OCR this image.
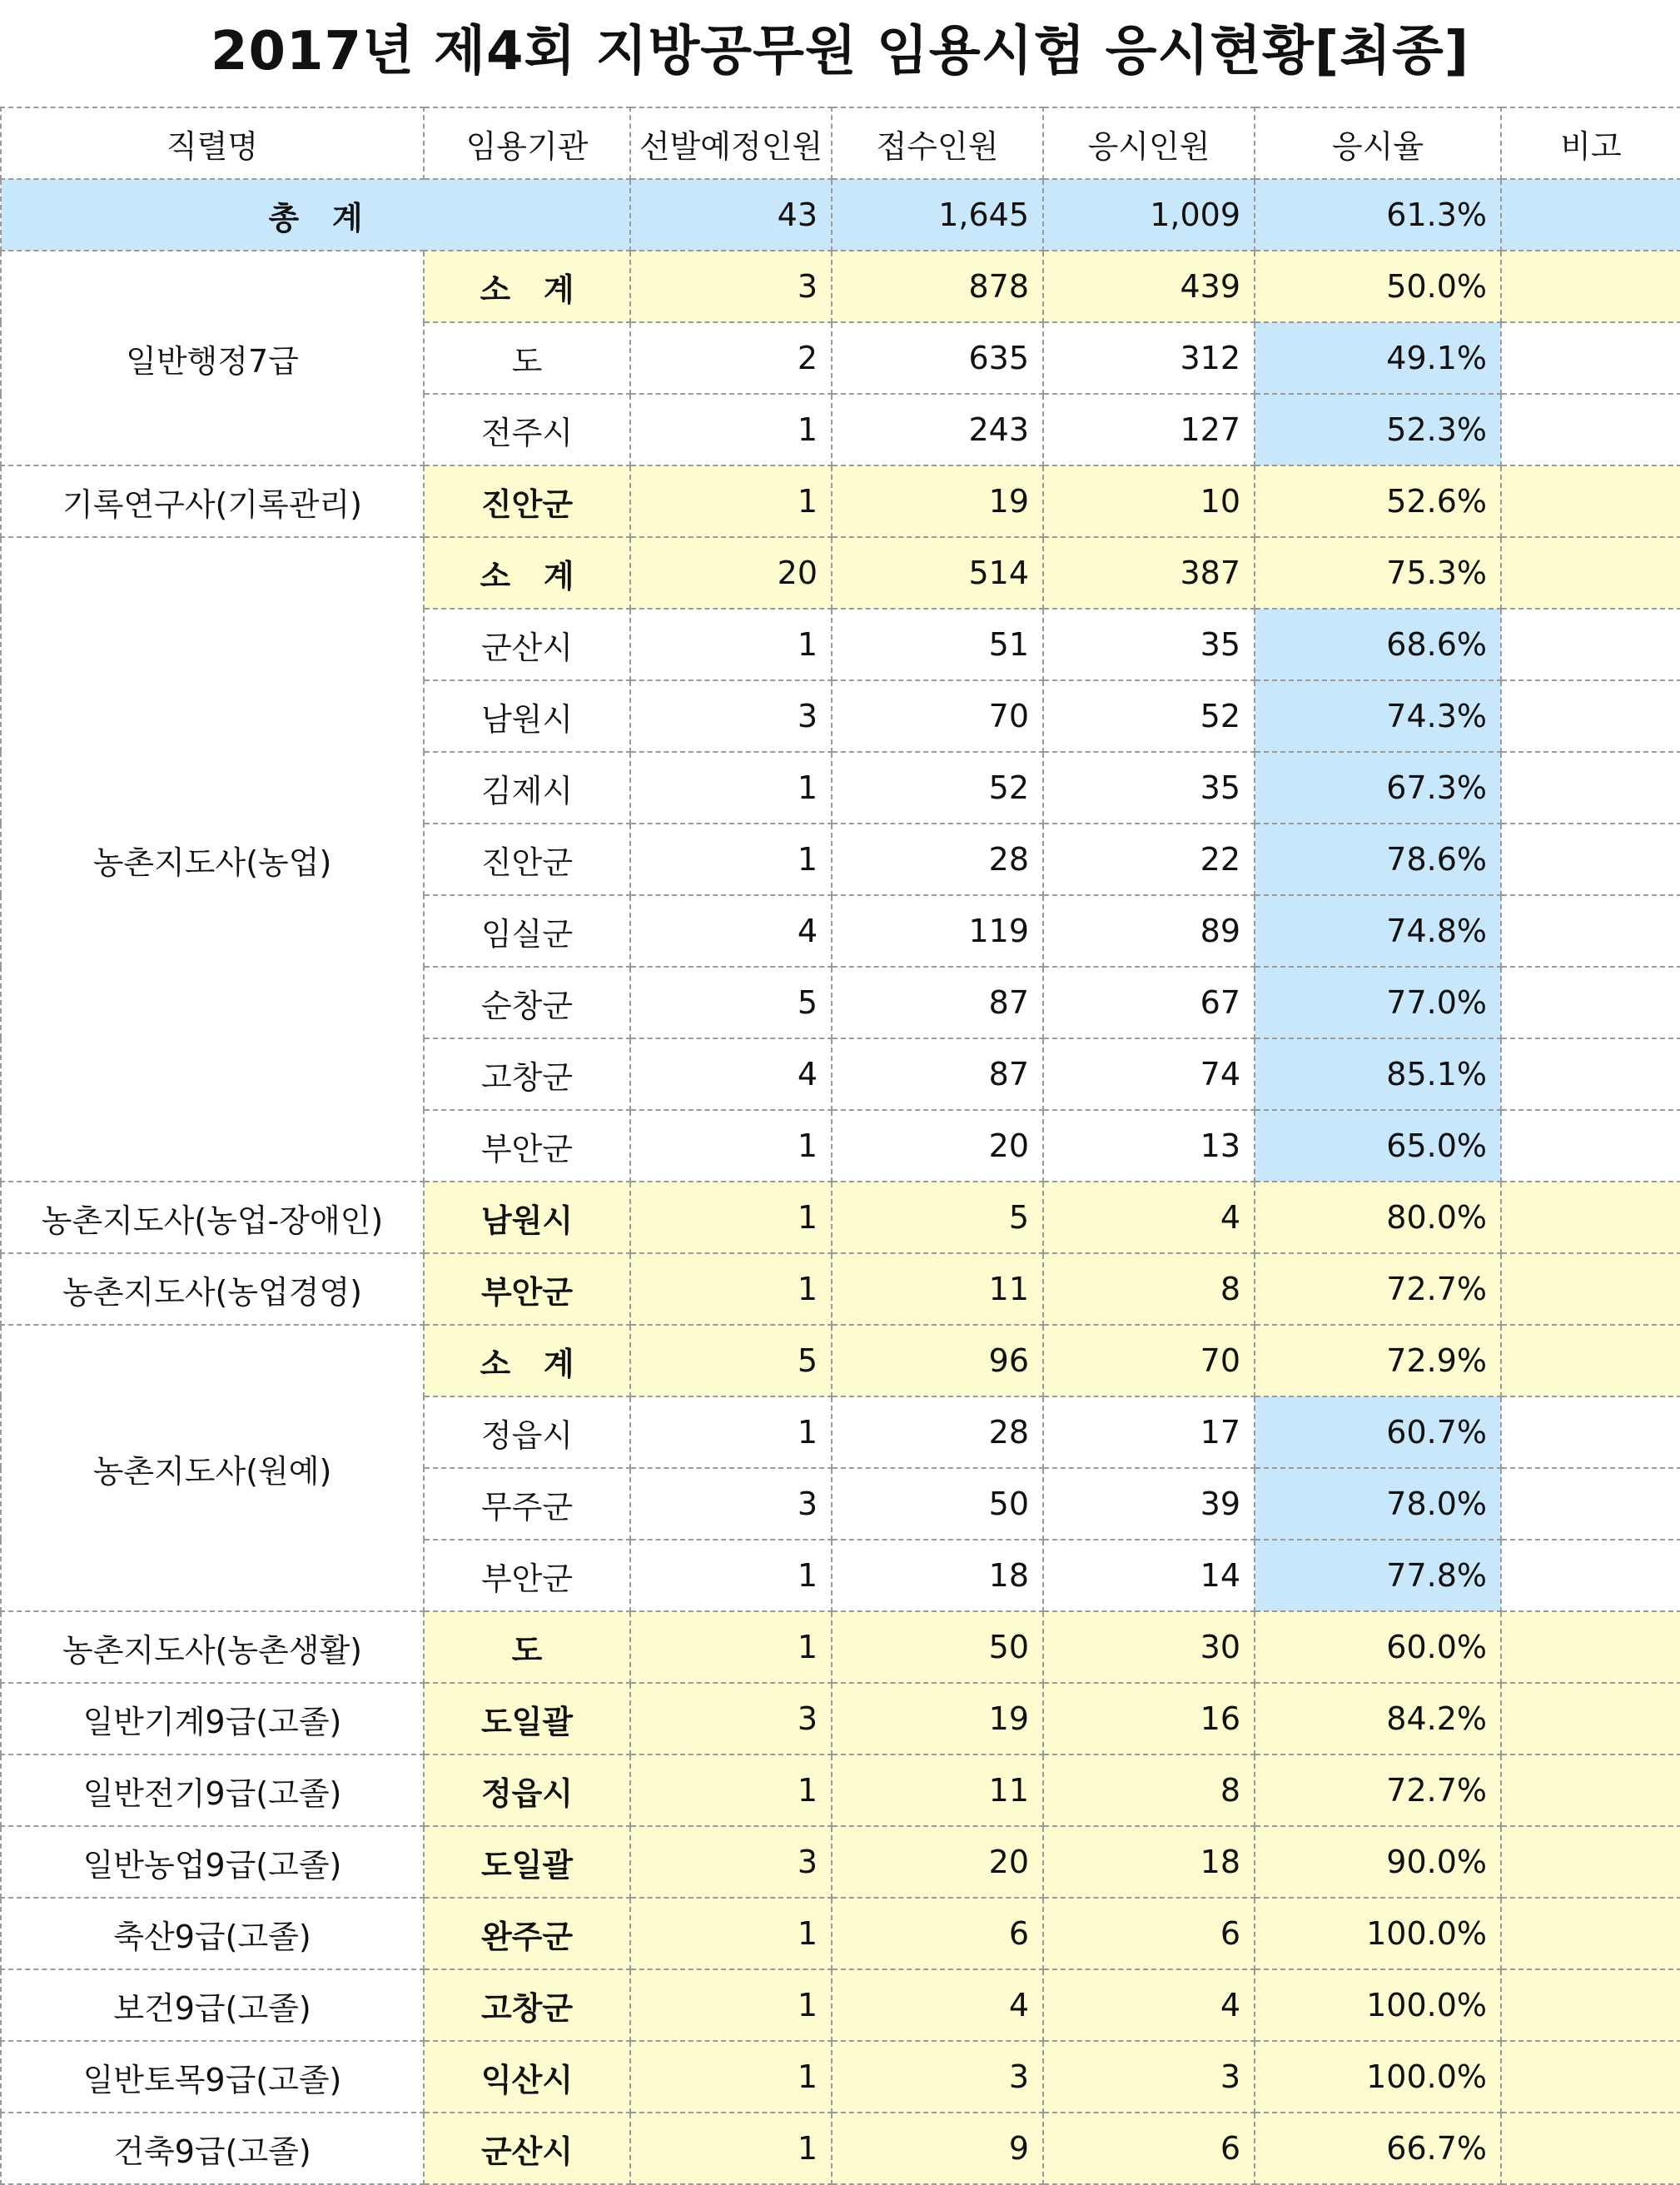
2017년 제4회 지방공무원 임용시험 응시현황[최종]
직렬명	임용기관	선발예정인원	접수인원	응시인원	응시율	비고
총   계		43	1,645	1,009	61.3%	
일반행정7급	소   계	3	878	439	50.0%	
	도	2	635	312	49.1%	
	전주시	1	243	127	52.3%	
기록연구사(기록관리)	진안군	1	19	10	52.6%	
농촌지도사(농업)	소   계	20	514	387	75.3%	
	군산시	1	51	35	68.6%	
	남원시	3	70	52	74.3%	
	김제시	1	52	35	67.3%	
	진안군	1	28	22	78.6%	
	임실군	4	119	89	74.8%	
	순창군	5	87	67	77.0%	
	고창군	4	87	74	85.1%	
	부안군	1	20	13	65.0%	
농촌지도사(농업-장애인)	남원시	1	5	4	80.0%	
농촌지도사(농업경영)	부안군	1	11	8	72.7%	
농촌지도사(원예)	소   계	5	96	70	72.9%	
	정읍시	1	28	17	60.7%	
	무주군	3	50	39	78.0%	
	부안군	1	18	14	77.8%	
농촌지도사(농촌생활)	도	1	50	30	60.0%	
일반기계9급(고졸)	도일괄	3	19	16	84.2%	
일반전기9급(고졸)	정읍시	1	11	8	72.7%	
일반농업9급(고졸)	도일괄	3	20	18	90.0%	
축산9급(고졸)	완주군	1	6	6	100.0%	
보건9급(고졸)	고창군	1	4	4	100.0%	
일반토목9급(고졸)	익산시	1	3	3	100.0%	
건축9급(고졸)	군산시	1	9	6	66.7%	
